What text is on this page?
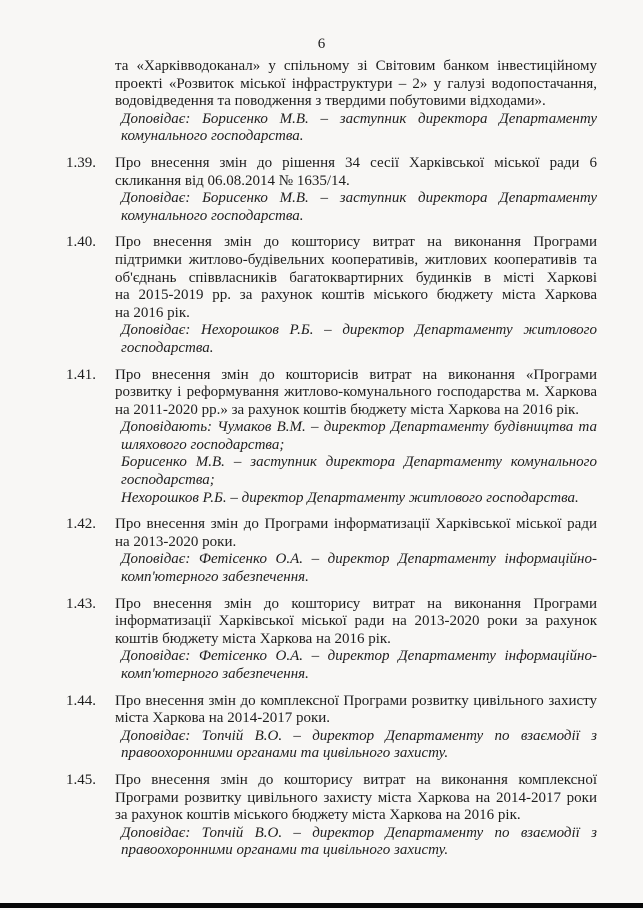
6

та «Харківводоканал» у спільному зі Світовим банком інвестиційному проекті «Розвиток міської інфраструктури – 2» у галузі водопостачання, водовідведення та поводження з твердими побутовими відходами».

Доповідає: Борисенко М.В. – заступник директора Департаменту комунального господарства.

1.39.	Про внесення змін до рішення 34 сесії Харківської міської ради 6 скликання від 06.08.2014 № 1635/14.

Доповідає: Борисенко М.В. – заступник директора Департаменту комунального господарства.

1.40.	Про внесення змін до кошторису витрат на виконання Програми підтримки житлово-будівельних кооперативів, житлових кооперативів та об'єднань співвласників багатоквартирних будинків в місті Харкові на 2015-2019 рр. за рахунок коштів міського бюджету міста Харкова на 2016 рік.

Доповідає: Нехорошков Р.Б. – директор Департаменту житлового господарства.

1.41.	Про внесення змін до кошторисів витрат на виконання «Програми розвитку і реформування житлово-комунального господарства м. Харкова на 2011-2020 рр.» за рахунок коштів бюджету міста Харкова на 2016 рік.

Доповідають: Чумаков В.М. – директор Департаменту будівництва та шляхового господарства;

Борисенко М.В. – заступник директора Департаменту комунального господарства;

Нехорошков Р.Б. – директор Департаменту житлового господарства.

1.42.	Про внесення змін до Програми інформатизації Харківської міської ради на 2013-2020 роки.

Доповідає: Фетісенко О.А. – директор Департаменту інформаційно-комп'ютерного забезпечення.

1.43.	Про внесення змін до кошторису витрат на виконання Програми інформатизації Харківської міської ради на 2013-2020 роки за рахунок коштів бюджету міста Харкова на 2016 рік.

Доповідає: Фетісенко О.А. – директор Департаменту інформаційно-комп'ютерного забезпечення.

1.44.	Про внесення змін до комплексної Програми розвитку цивільного захисту міста Харкова на 2014-2017 роки.

Доповідає: Топчій В.О. – директор Департаменту по взаємодії з правоохоронними органами та цивільного захисту.

1.45.	Про внесення змін до кошторису витрат на виконання комплексної Програми розвитку цивільного захисту міста Харкова на 2014-2017 роки за рахунок коштів міського бюджету міста Харкова на 2016 рік.

Доповідає: Топчій В.О. – директор Департаменту по взаємодії з правоохоронними органами та цивільного захисту.
